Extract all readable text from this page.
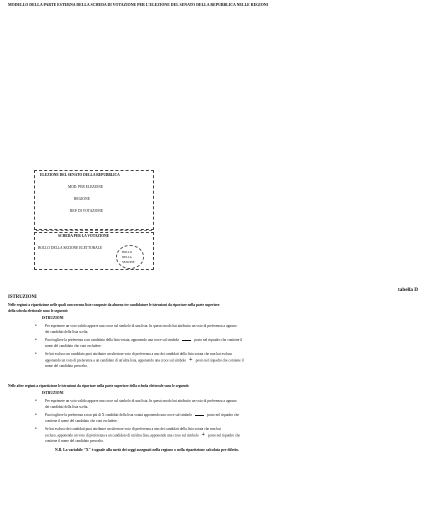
MODELLO DELLA PARTE ESTERNA DELLA SCHEDA DI VOTAZIONE PER L'ELEZIONE DEL SENATO DELLA REPUBBLICA NELLE REGIONI
ELEZIONE DEL SENATO DELLA REPUBBLICA
MOD. PER ELEZIONE
REGIONE
REP. DI VOTAZIONE
SCHEDA PER LA VOTAZIONE
BOLLO DELLA SEZIONE ELETTORALE
BOLLO
DELLA
SEZIONE
tabella D
ISTRUZIONI
Nelle regioni a ripartizione nelle quali concorrono liste composte da almeno tre candidature le istruzioni da riportare nella parte superiore
della scheda elettorale sono le seguenti:
ISTRUZIONI
• Per esprimere un voto valido apporre una croce sul simbolo di una lista. In questo modo hai attribuito un voto di preferenza a ognuno
dei candidati della lista scelta.
• Puoi togliere la preferenza a un candidato della lista votata, apponendo una croce sul simbolo	posto nel riquadro che contiene il
nome del candidato che vuoi escludere.
• Se hai escluso un candidato puoi attribuire un ulteriore voto di preferenza a uno dei candidati della lista votata che non hai escluso
apponendo un voto di preferenza a un candidato di un'altra lista, apponendo una croce sul simbolo + posto nel riquadro che contiene il
nome del candidato prescelto.
Nelle altre regioni a ripartizione le istruzioni da riportare nella parte superiore della scheda elettorale sono le seguenti:
ISTRUZIONI
• Per esprimere un voto valido apporre una croce sul simbolo di una lista. In questo modo hai attribuito un voto di preferenza a ognuno
dei candidati della lista scelta.
• Puoi togliere la preferenza a non più di X candidati della lista votata apponendo una croce sul simbolo	posto nel riquadro che
contiene il nome del candidato che vuoi escludere.
• Se hai escluso dei candidati puoi attribuire un ulteriore voto di preferenza a uno dei candidati della lista votata che non hai
escluso, apponendo un voto di preferenza a un candidato di un'altra lista, apponendo una croce sul simbolo + posto nel riquadro che
contiene il nome del candidato prescelto.
N.B. La variabile "X" è uguale alla metà dei seggi assegnati nella regione o nella ripartizione calcolata per difetto.
